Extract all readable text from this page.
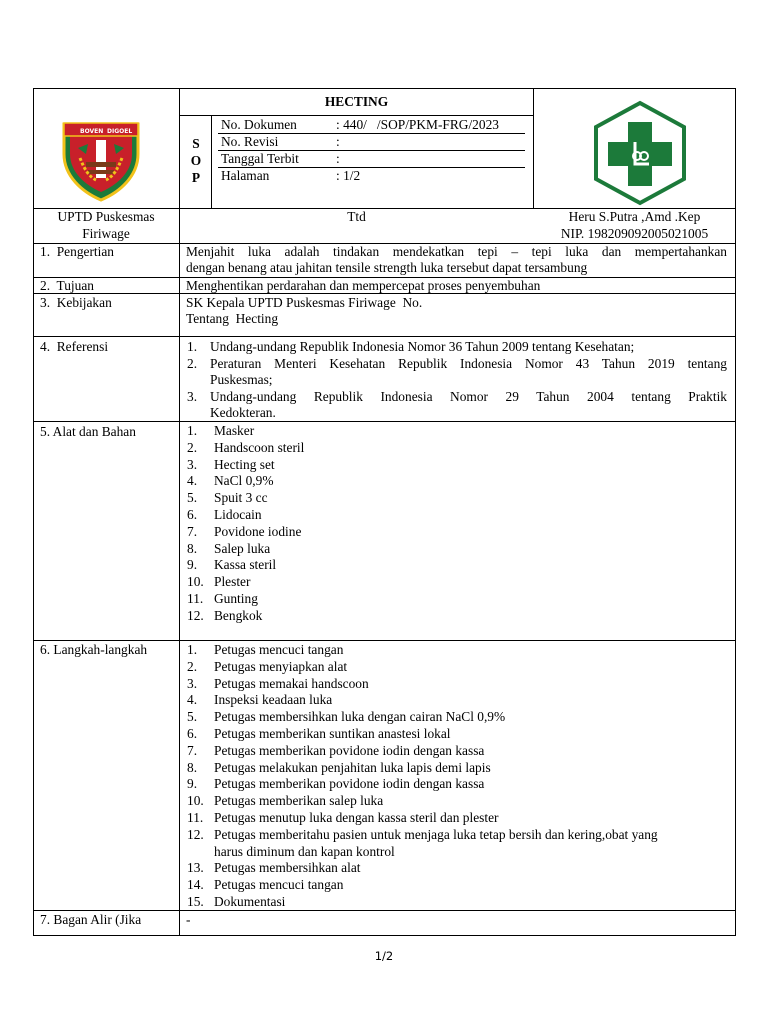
BOVEN DIGOEL
HECTING
S
O
P
No. Dokumen	: 440/   /SOP/PKM-FRG/2023
No. Revisi	:
Tanggal Terbit	:
Halaman	: 1/2
UPTD Puskesmas
Firiwage
Ttd	Heru S.Putra ,Amd .Kep
NIP. 198209092005021005
1.  Pengertian	Menjahit luka adalah tindakan mendekatkan tepi – tepi luka dan mempertahankan
dengan benang atau jahitan tensile strength luka tersebut dapat tersambung
2.  Tujuan	Menghentikan perdarahan dan mempercepat proses penyembuhan
3.  Kebijakan	SK Kepala UPTD Puskesmas Firiwage  No.
Tentang  Hecting
4.  Referensi	1. Undang-undang Republik Indonesia Nomor 36 Tahun 2009 tentang Kesehatan;
2. Peraturan Menteri Kesehatan Republik Indonesia Nomor 43 Tahun 2019 tentang
Puskesmas;
3. Undang-undang Republik Indonesia Nomor 29 Tahun 2004 tentang Praktik
Kedokteran.
5. Alat dan Bahan	1. Masker
2. Handscoon steril
3. Hecting set
4. NaCl 0,9%
5. Spuit 3 cc
6. Lidocain
7. Povidone iodine
8. Salep luka
9. Kassa steril
10. Plester
11. Gunting
12. Bengkok
6. Langkah-langkah	1. Petugas mencuci tangan
2. Petugas menyiapkan alat
3. Petugas memakai handscoon
4. Inspeksi keadaan luka
5. Petugas membersihkan luka dengan cairan NaCl 0,9%
6. Petugas memberikan suntikan anastesi lokal
7. Petugas memberikan povidone iodin dengan kassa
8. Petugas melakukan penjahitan luka lapis demi lapis
9. Petugas memberikan povidone iodin dengan kassa
10. Petugas memberikan salep luka
11. Petugas menutup luka dengan kassa steril dan plester
12. Petugas memberitahu pasien untuk menjaga luka tetap bersih dan kering,obat yang
harus diminum dan kapan kontrol
13. Petugas membersihkan alat
14. Petugas mencuci tangan
15. Dokumentasi
7. Bagan Alir (Jika	-
1/2
